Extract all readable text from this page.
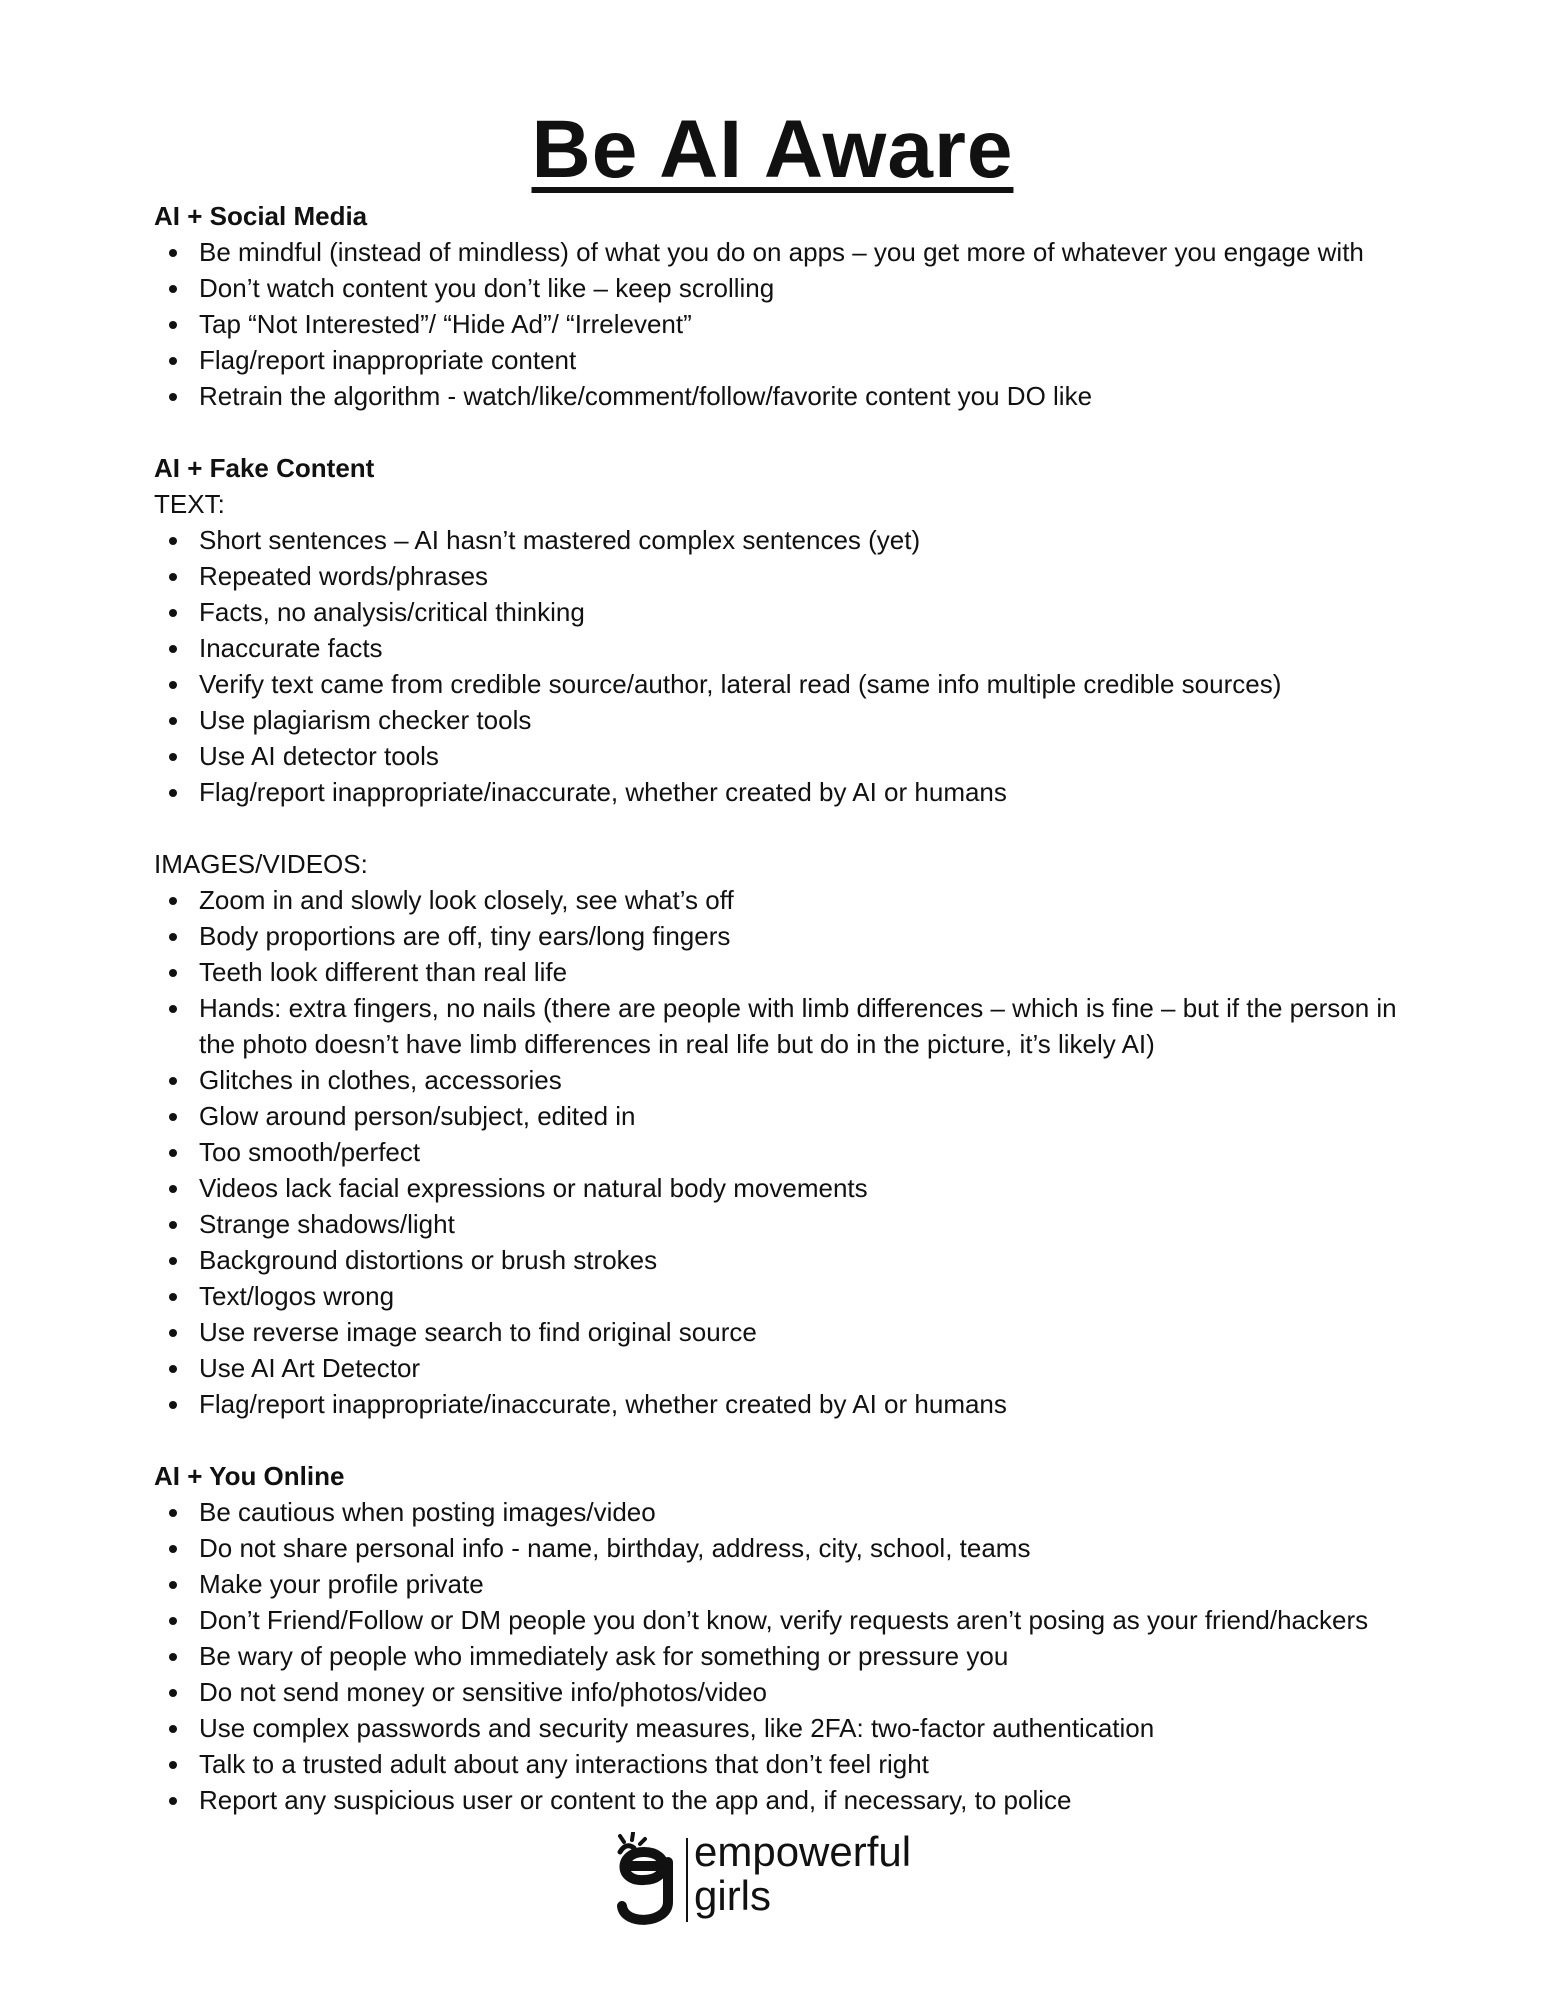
Be AI Aware
AI + Social Media
Be mindful (instead of mindless) of what you do on apps – you get more of whatever you engage with
Don’t watch content you don’t like – keep scrolling
Tap “Not Interested”/ “Hide Ad”/ “Irrelevent”
Flag/report inappropriate content
Retrain the algorithm - watch/like/comment/follow/favorite content you DO like
AI + Fake Content
TEXT:
Short sentences – AI hasn’t mastered complex sentences (yet)
Repeated words/phrases
Facts, no analysis/critical thinking
Inaccurate facts
Verify text came from credible source/author, lateral read (same info multiple credible sources)
Use plagiarism checker tools
Use AI detector tools
Flag/report inappropriate/inaccurate, whether created by AI or humans
IMAGES/VIDEOS:
Zoom in and slowly look closely, see what’s off
Body proportions are off, tiny ears/long fingers
Teeth look different than real life
Hands: extra fingers, no nails (there are people with limb differences – which is fine – but if the person in the photo doesn’t have limb differences in real life but do in the picture, it’s likely AI)
Glitches in clothes, accessories
Glow around person/subject, edited in
Too smooth/perfect
Videos lack facial expressions or natural body movements
Strange shadows/light
Background distortions or brush strokes
Text/logos wrong
Use reverse image search to find original source
Use AI Art Detector
Flag/report inappropriate/inaccurate, whether created by AI or humans
AI + You Online
Be cautious when posting images/video
Do not share personal info - name, birthday, address, city, school, teams
Make your profile private
Don’t Friend/Follow or DM people you don’t know, verify requests aren’t posing as your friend/hackers
Be wary of people who immediately ask for something or pressure you
Do not send money or sensitive info/photos/video
Use complex passwords and security measures, like 2FA: two-factor authentication
Talk to a trusted adult about any interactions that don’t feel right
Report any suspicious user or content to the app and, if necessary, to police
empowerful
girls
